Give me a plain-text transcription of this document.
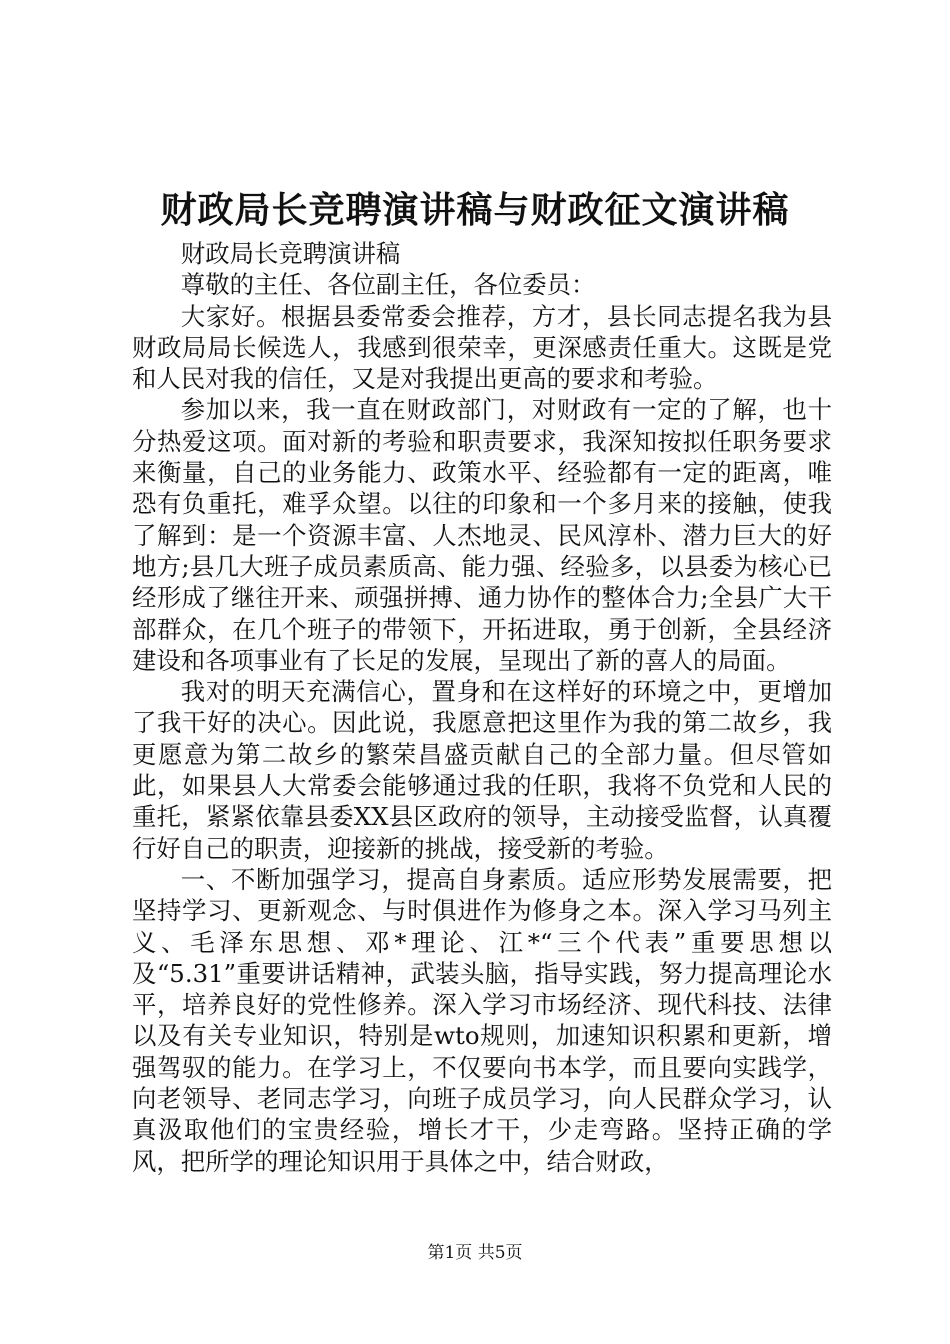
财政局长竞聘演讲稿与财政征文演讲稿

财政局长竞聘演讲稿

尊敬的主任、各位副主任，各位委员：

大家好。根据县委常委会推荐，方才，县长同志提名我为县财政局局长候选人，我感到很荣幸，更深感责任重大。这既是党和人民对我的信任，又是对我提出更高的要求和考验。

参加以来，我一直在财政部门，对财政有一定的了解，也十分热爱这项。面对新的考验和职责要求，我深知按拟任职务要求来衡量，自己的业务能力、政策水平、经验都有一定的距离，唯恐有负重托，难孚众望。以往的印象和一个多月来的接触，使我了解到：是一个资源丰富、人杰地灵、民风淳朴、潜力巨大的好地方;县几大班子成员素质高、能力强、经验多，以县委为核心已经形成了继往开来、顽强拼搏、通力协作的整体合力;全县广大干部群众，在几个班子的带领下，开拓进取，勇于创新，全县经济建设和各项事业有了长足的发展，呈现出了新的喜人的局面。

我对的明天充满信心，置身和在这样好的环境之中，更增加了我干好的决心。因此说，我愿意把这里作为我的第二故乡，我更愿意为第二故乡的繁荣昌盛贡献自己的全部力量。但尽管如此，如果县人大常委会能够通过我的任职，我将不负党和人民的重托，紧紧依靠县委XX县区政府的领导，主动接受监督，认真覆行好自己的职责，迎接新的挑战，接受新的考验。

一、不断加强学习，提高自身素质。适应形势发展需要，把坚持学习、更新观念、与时俱进作为修身之本。深入学习马列主义、毛泽东思想、邓*理论、江*“三个代表”重要思想以及“5.31”重要讲话精神，武装头脑，指导实践，努力提高理论水平，培养良好的党性修养。深入学习市场经济、现代科技、法律以及有关专业知识，特别是wto规则，加速知识积累和更新，增强驾驭的能力。在学习上，不仅要向书本学，而且要向实践学，向老领导、老同志学习，向班子成员学习，向人民群众学习，认真汲取他们的宝贵经验，增长才干，少走弯路。坚持正确的学风，把所学的理论知识用于具体之中，结合财政，

第1页 共5页
